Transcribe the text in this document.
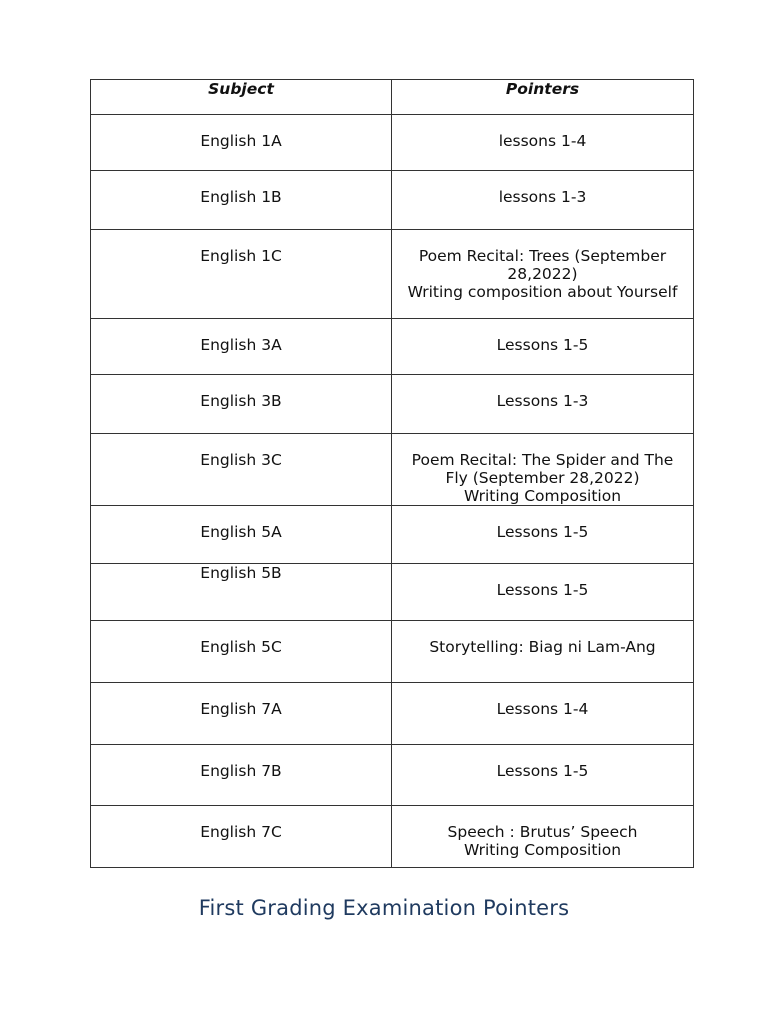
Subject	Pointers

English 1A	lessons 1-4

English 1B	lessons 1-3

English 1C	Poem Recital: Trees (September 28,2022)
Writing composition about Yourself

English 3A	Lessons 1-5

English 3B	Lessons 1-3

English 3C	Poem Recital: The Spider and The Fly (September 28,2022)
Writing Composition

English 5A	Lessons 1-5

English 5B	Lessons 1-5

English 5C	Storytelling: Biag ni Lam-Ang

English 7A	Lessons 1-4

English 7B	Lessons 1-5

English 7C	Speech : Brutus’ Speech
Writing Composition
First Grading Examination Pointers
